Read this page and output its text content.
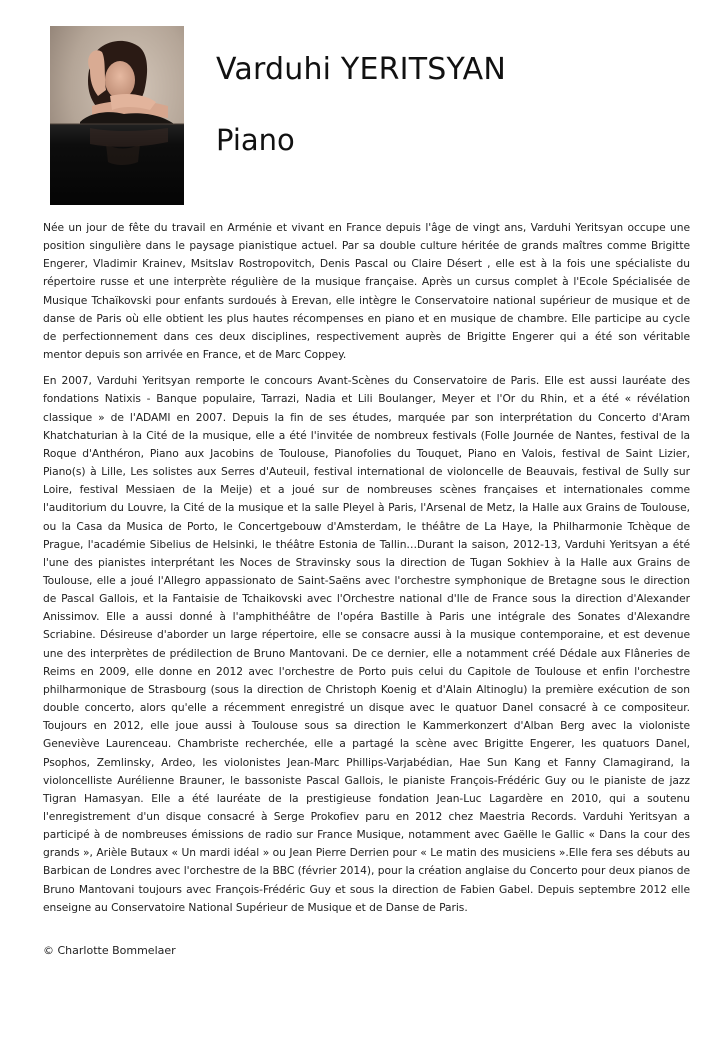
Varduhi YERITSYAN
Piano

Née un jour de fête du travail en Arménie et vivant en France depuis l'âge de vingt ans, Varduhi Yeritsyan occupe une position singulière dans le paysage pianistique actuel. Par sa double culture héritée de grands maîtres comme Brigitte Engerer, Vladimir Krainev, Msitslav Rostropovitch, Denis Pascal ou Claire Désert , elle est à la fois une spécialiste du répertoire russe et une interprète régulière de la musique française. Après un cursus complet à l'Ecole Spécialisée de Musique Tchaïkovski pour enfants surdoués à Erevan, elle intègre le Conservatoire national supérieur de musique et de danse de Paris où elle obtient les plus hautes récompenses en piano et en musique de chambre. Elle participe au cycle de perfectionnement dans ces deux disciplines, respectivement auprès de Brigitte Engerer qui a été son véritable mentor depuis son arrivée en France, et de Marc Coppey.

En 2007, Varduhi Yeritsyan remporte le concours Avant-Scènes du Conservatoire de Paris. Elle est aussi lauréate des fondations Natixis - Banque populaire, Tarrazi, Nadia et Lili Boulanger, Meyer et l'Or du Rhin, et a été « révélation classique » de l'ADAMI en 2007. Depuis la fin de ses études, marquée par son interprétation du Concerto d'Aram Khatchaturian à la Cité de la musique, elle a été l'invitée de nombreux festivals (Folle Journée de Nantes, festival de la Roque d'Anthéron, Piano aux Jacobins de Toulouse, Pianofolies du Touquet, Piano en Valois, festival de Saint Lizier, Piano(s) à Lille, Les solistes aux Serres d'Auteuil, festival international de violoncelle de Beauvais, festival de Sully sur Loire, festival Messiaen de la Meije) et a joué sur de nombreuses scènes françaises et internationales comme l'auditorium du Louvre, la Cité de la musique et la salle Pleyel à Paris, l'Arsenal de Metz, la Halle aux Grains de Toulouse, ou la Casa da Musica de Porto, le Concertgebouw d'Amsterdam, le théâtre de La Haye, la Philharmonie Tchèque de Prague, l'académie Sibelius de Helsinki, le théâtre Estonia de Tallin…Durant la saison, 2012-13, Varduhi Yeritsyan a été l'une des pianistes interprétant les Noces de Stravinsky sous la direction de Tugan Sokhiev à la Halle aux Grains de Toulouse, elle a joué l'Allegro appassionato de Saint-Saëns avec l'orchestre symphonique de Bretagne sous le direction de Pascal Gallois, et la Fantaisie de Tchaikovski avec l'Orchestre national d'Ile de France sous la direction d'Alexander Anissimov. Elle a aussi donné à l'amphithéâtre de l'opéra Bastille à Paris une intégrale des Sonates d'Alexandre Scriabine. Désireuse d'aborder un large répertoire, elle se consacre aussi à la musique contemporaine, et est devenue une des interprètes de prédilection de Bruno Mantovani. De ce dernier, elle a notamment créé Dédale aux Flâneries de Reims en 2009, elle donne en 2012 avec l'orchestre de Porto puis celui du Capitole de Toulouse et enfin l'orchestre philharmonique de Strasbourg (sous la direction de Christoph Koenig et d'Alain Altinoglu) la première exécution de son double concerto, alors qu'elle a récemment enregistré un disque avec le quatuor Danel consacré à ce compositeur. Toujours en 2012, elle joue aussi à Toulouse sous sa direction le Kammerkonzert d'Alban Berg avec la violoniste Geneviève Laurenceau. Chambriste recherchée, elle a partagé la scène avec Brigitte Engerer, les quatuors Danel, Psophos, Zemlinsky, Ardeo, les violonistes Jean-Marc Phillips-Varjabédian, Hae Sun Kang et Fanny Clamagirand, la violoncelliste Aurélienne Brauner, le bassoniste Pascal Gallois, le pianiste François-Frédéric Guy ou le pianiste de jazz Tigran Hamasyan. Elle a été lauréate de la prestigieuse fondation Jean-Luc Lagardère en 2010, qui a soutenu l'enregistrement d'un disque consacré à Serge Prokofiev paru en 2012 chez Maestria Records. Varduhi Yeritsyan a participé à de nombreuses émissions de radio sur France Musique, notamment avec Gaëlle le Gallic « Dans la cour des grands », Arièle Butaux « Un mardi idéal » ou Jean Pierre Derrien pour « Le matin des musiciens ».Elle fera ses débuts au Barbican de Londres avec l'orchestre de la BBC (février 2014), pour la création anglaise du Concerto pour deux pianos de Bruno Mantovani toujours avec François-Frédéric Guy et sous la direction de Fabien Gabel. Depuis septembre 2012 elle enseigne au Conservatoire National Supérieur de Musique et de Danse de Paris.

© Charlotte Bommelaer
